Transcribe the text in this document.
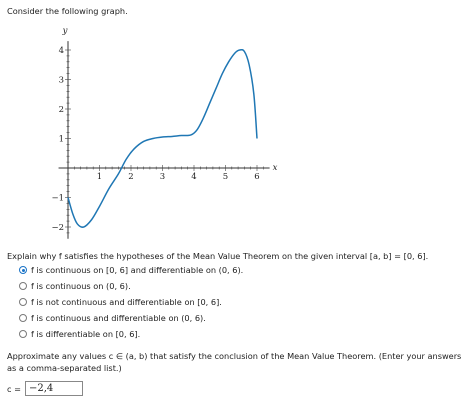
Consider the following graph.
1	2	3	4	5	6
−2
−1
1
2
3
4
x
y
Explain why f satisfies the hypotheses of the Mean Value Theorem on the given interval [a, b] = [0, 6].
f is continuous on [0, 6] and differentiable on (0, 6).
f is continuous on (0, 6).
f is not continuous and differentiable on [0, 6].
f is continuous and differentiable on (0, 6).
f is differentiable on [0, 6].
Approximate any values c ∈ (a, b) that satisfy the conclusion of the Mean Value Theorem. (Enter your answers as a comma-separated list.)
c = −2,4
